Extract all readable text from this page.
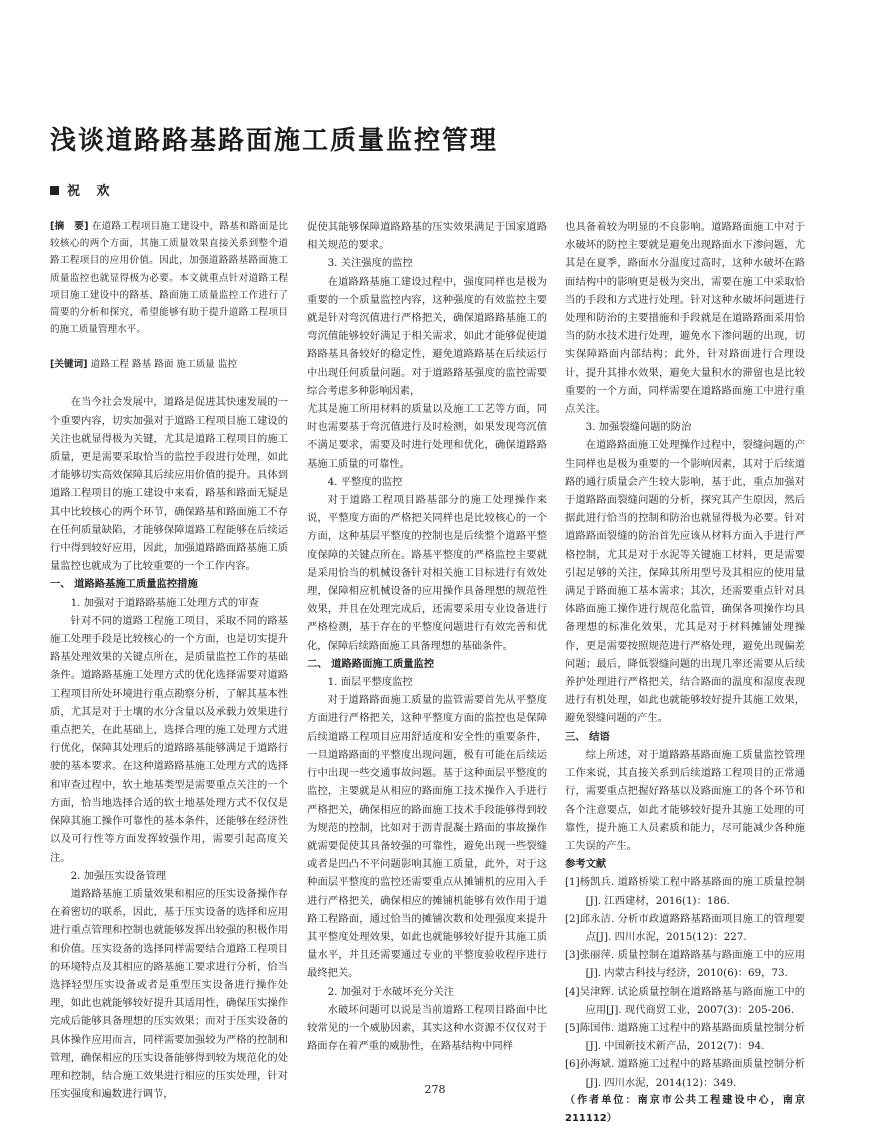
浅谈道路路基路面施工质量监控管理
祝 欢
[摘　要] 在道路工程项目施工建设中，路基和路面是比较核心的两个方面，其施工质量效果直接关系到整个道路工程项目的应用价值。因此，加强道路路基路面施工质量监控也就显得极为必要。本文就重点针对道路工程项目施工建设中的路基、路面施工质量监控工作进行了简要的分析和探究，希望能够有助于提升道路工程项目的施工质量管理水平。
[关键词] 道路工程 路基 路面 施工质量 监控

在当今社会发展中，道路是促进其快速发展的一个重要内容，切实加强对于道路工程项目施工建设的关注也就显得极为关键，尤其是道路工程项目的施工质量，更是需要采取恰当的监控手段进行处理，如此才能够切实高效保障其后续应用价值的提升。具体到道路工程项目的施工建设中来看，路基和路面无疑是其中比较核心的两个环节，确保路基和路面施工不存在任何质量缺陷，才能够保障道路工程能够在后续运行中得到较好应用，因此，加强道路路面路基施工质量监控也就成为了比较重要的一个工作内容。

一、 道路路基施工质量监控措施

1. 加强对于道路路基施工处理方式的审查

针对不同的道路工程施工项目，采取不同的路基施工处理手段是比较核心的一个方面，也是切实提升路基处理效果的关键点所在，是质量监控工作的基础条件。道路路基施工处理方式的优化选择需要对道路工程项目所处环境进行重点勘察分析，了解其基本性质，尤其是对于土壤的水分含量以及承载力效果进行重点把关，在此基础上，选择合理的施工处理方式进行优化，保障其处理后的道路路基能够满足于道路行驶的基本要求。在这种道路路基施工处理方式的选择和审查过程中，软土地基类型是需要重点关注的一个方面，恰当地选择合适的软土地基处理方式不仅仅是保障其施工操作可靠性的基本条件，还能够在经济性以及可行性等方面发挥较强作用，需要引起高度关注。

2. 加强压实设备管理

道路路基施工质量效果和相应的压实设备操作存在着密切的联系，因此，基于压实设备的选择和应用进行重点管理和控制也就能够发挥出较强的积极作用和价值。压实设备的选择同样需要结合道路工程项目的环境特点及其相应的路基施工要求进行分析，恰当选择轻型压实设备或者是重型压实设备进行操作处理，如此也就能够较好提升其适用性，确保压实操作完成后能够具备理想的压实效果；而对于压实设备的具体操作应用而言，同样需要加强较为严格的控制和管理，确保相应的压实设备能够得到较为规范化的处理和控制，结合施工效果进行相应的压实处理，针对压实强度和遍数进行调节，

促使其能够保障道路路基的压实效果满足于国家道路相关规范的要求。

3. 关注强度的监控

在道路路基施工建设过程中，强度同样也是极为重要的一个质量监控内容，这种强度的有效监控主要就是针对弯沉值进行严格把关，确保道路路基施工的弯沉值能够较好满足于相关需求，如此才能够促使道路路基具备较好的稳定性，避免道路路基在后续运行中出现任何质量问题。对于道路路基强度的监控需要综合考虑多种影响因素，

尤其是施工所用材料的质量以及施工工艺等方面，同时也需要基于弯沉值进行及时检测，如果发现弯沉值不满足要求，需要及时进行处理和优化，确保道路路基施工质量的可靠性。

4. 平整度的监控

对于道路工程项目路基部分的施工处理操作来说，平整度方面的严格把关同样也是比较核心的一个方面，这种基层平整度的控制也是后续整个道路平整度保障的关键点所在。路基平整度的严格监控主要就是采用恰当的机械设备针对相关施工目标进行有效处理，保障相应机械设备的应用操作具备理想的规范性效果，并且在处理完成后，还需要采用专业设备进行严格检测，基于存在的平整度问题进行有效完善和优化，保障后续路面施工具备理想的基础条件。

二、 道路路面施工质量监控

1. 面层平整度监控

对于道路路面施工质量的监管需要首先从平整度方面进行严格把关，这种平整度方面的监控也是保障后续道路工程项目应用舒适度和安全性的重要条件，一旦道路路面的平整度出现问题，极有可能在后续运行中出现一些交通事故问题。基于这种面层平整度的监控，主要就是从相应的路面施工技术操作入手进行严格把关，确保相应的路面施工技术手段能够得到较为规范的控制，比如对于沥青混凝土路面的事故操作就需要促使其具备较强的可靠性，避免出现一些裂缝或者是凹凸不平问题影响其施工质量，此外，对于这种面层平整度的监控还需要重点从摊铺机的应用入手进行严格把关，确保相应的摊铺机能够有效作用于道路工程路面，通过恰当的摊铺次数和处理强度来提升其平整度处理效果，如此也就能够较好提升其施工质量水平，并且还需要通过专业的平整度验收程序进行最终把关。

2. 加强对于水破坏充分关注

水破坏问题可以说是当前道路工程项目路面中比较常见的一个威胁因素，其实这种水资源不仅仅对于路面存在着严重的威胁性，在路基结构中同样

也具备着较为明显的不良影响。道路路面施工中对于水破坏的防控主要就是避免出现路面水下渗问题，尤其是在夏季，路面水分温度过高时，这种水破坏在路面结构中的影响更是极为突出，需要在施工中采取恰当的手段和方式进行处理。针对这种水破坏问题进行处理和防治的主要措施和手段就是在道路路面采用恰当的防水技术进行处理，避免水下渗问题的出现，切实保障路面内部结构；此外，针对路面进行合理设计，提升其排水效果，避免大量积水的滞留也是比较重要的一个方面，同样需要在道路路面施工中进行重点关注。

3. 加强裂缝问题的防治

在道路路面施工处理操作过程中，裂缝问题的产生同样也是极为重要的一个影响因素，其对于后续道路的通行质量会产生较大影响，基于此，重点加强对于道路路面裂缝问题的分析，探究其产生原因，然后据此进行恰当的控制和防治也就显得极为必要。针对道路路面裂缝的防治首先应该从材料方面入手进行严格控制，尤其是对于水泥等关键施工材料，更是需要引起足够的关注，保障其所用型号及其相应的使用量满足于路面施工基本需求；其次，还需要重点针对具体路面施工操作进行规范化监管，确保各项操作均具备理想的标准化效果，尤其是对于材料摊铺处理操作，更是需要按照规范进行严格处理，避免出现偏差问题；最后，降低裂缝问题的出现几率还需要从后续养护处理进行严格把关，结合路面的温度和湿度表现进行有机处理，如此也就能够较好提升其施工效果，避免裂缝问题的产生。

三、 结语

综上所述，对于道路路基路面施工质量监控管理工作来说，其直接关系到后续道路工程项目的正常通行，需要重点把握好路基以及路面施工的各个环节和各个注意要点，如此才能够较好提升其施工处理的可靠性，提升施工人员素质和能力，尽可能减少各种施工失误的产生。

参考文献

[1]杨凯兵. 道路桥梁工程中路基路面的施工质量控制[J]. 江西建材，2016(1)：186.

[2]邱永洁. 分析市政道路路基路面项目施工的管理要点[J]. 四川水泥，2015(12)：227.

[3]张丽萍. 质量控制在道路路基与路面施工中的应用[J]. 内蒙古科技与经济，2010(6)：69，73.

[4]吴津辉. 试论质量控制在道路路基与路面施工中的应用[J]. 现代商贸工业，2007(3)：205-206.

[5]陈国伟. 道路施工过程中的路基路面质量控制分析[J]. 中国新技术新产品，2012(7)：94.

[6]孙海斌. 道路施工过程中的路基路面质量控制分析[J]. 四川水泥，2014(12)：349.

（作者单位：南京市公共工程建设中心，南京211112）

278
